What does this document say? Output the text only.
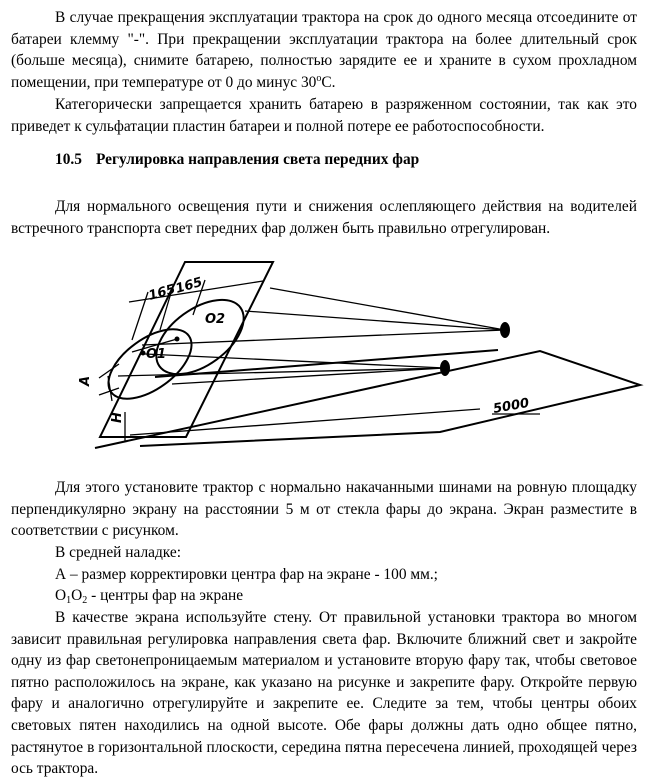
В случае прекращения эксплуатации трактора на срок до одного месяца отсоедините от батареи клемму "-". При прекращении эксплуатации трактора на более длительный срок (больше месяца), снимите батарею, полностью зарядите ее и храните в сухом прохладном помещении, при температуре от 0 до минус $30^оС$.

Категорически запрещается хранить батарею в разряженном состоянии, так как это приведет к сульфатации пластин батареи и полной потере ее работоспособности.

10.5 Регулировка направления света передних фар

Для нормального освещения пути и снижения ослепляющего действия на водителей встречного транспорта свет передних фар должен быть правильно отрегулирован.

165
165
O1
O2
A
H
5000

Для этого установите трактор с нормально накачанными шинами на ровную площадку перпендикулярно экрану на расстоянии 5 м от стекла фары до экрана. Экран разместите в соответствии с рисунком.

В средней наладке:

А – размер корректировки центра фар на экране - 100 мм.;

$O_1O_2$ - центры фар на экране

В качестве экрана используйте стену. От правильной установки трактора во многом зависит правильная регулировка направления света фар. Включите ближний свет и закройте одну из фар светонепроницаемым материалом и установите вторую фару так, чтобы световое пятно расположилось на экране, как указано на рисунке и закрепите фару. Откройте первую фару и аналогично отрегулируйте и закрепите ее. Следите за тем, чтобы центры обоих световых пятен находились на одной высоте. Обе фары должны дать одно общее пятно, растянутое в горизонтальной плоскости, середина пятна пересечена линией, проходящей через ось трактора.
